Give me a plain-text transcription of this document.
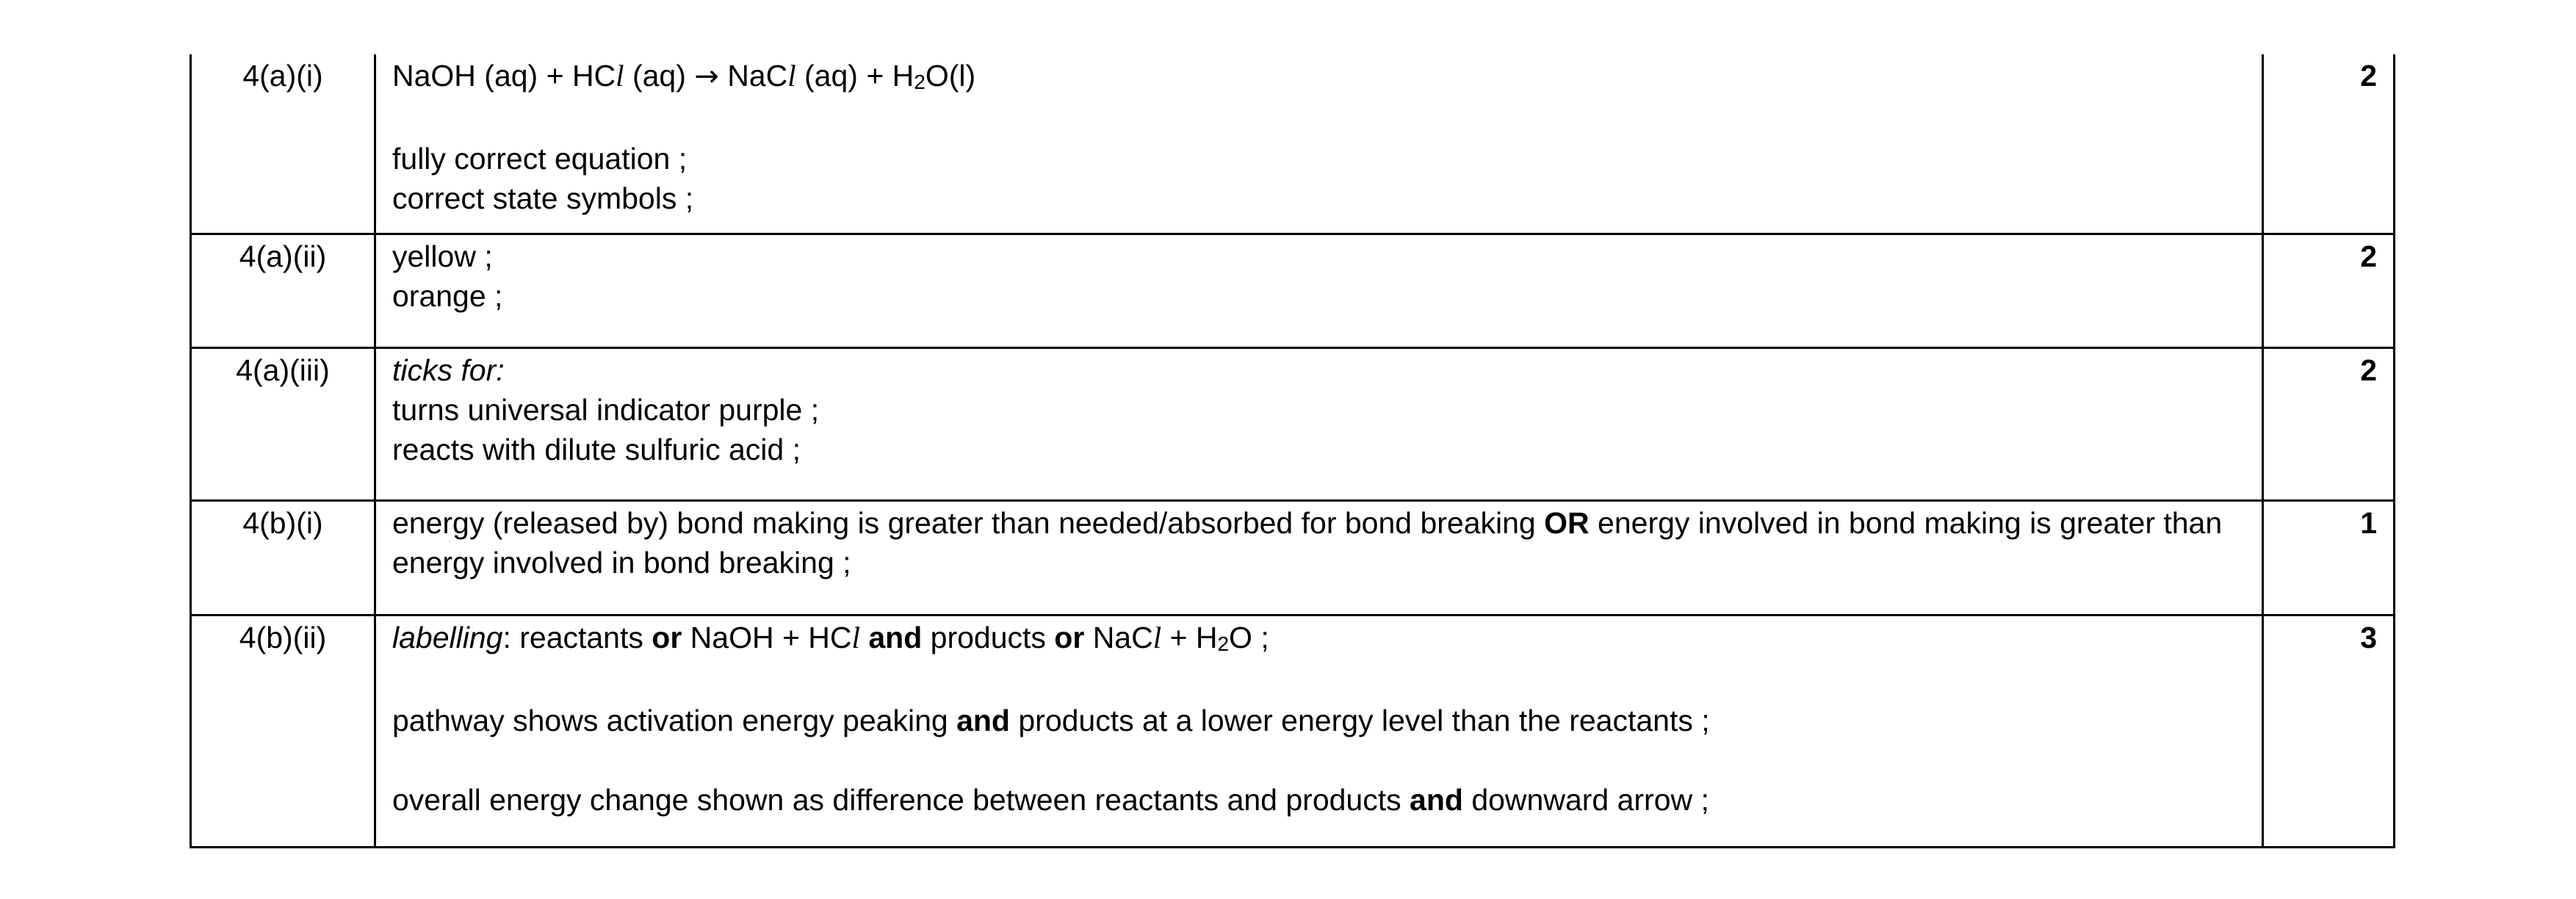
4(a)(i)	NaOH (aq) + HCl (aq) → NaCl (aq) + H2O(l)
fully correct equation ;
correct state symbols ;	2
4(a)(ii)	yellow ;
orange ;	2
4(a)(iii)	ticks for:
turns universal indicator purple ;
reacts with dilute sulfuric acid ;	2
4(b)(i)	energy (released by) bond making is greater than needed/absorbed for bond breaking OR energy involved in bond making is greater than energy involved in bond breaking ;	1
4(b)(ii)	labelling: reactants or NaOH + HCl and products or NaCl + H2O ;
pathway shows activation energy peaking and products at a lower energy level than the reactants ;
overall energy change shown as difference between reactants and products and downward arrow ;	3
